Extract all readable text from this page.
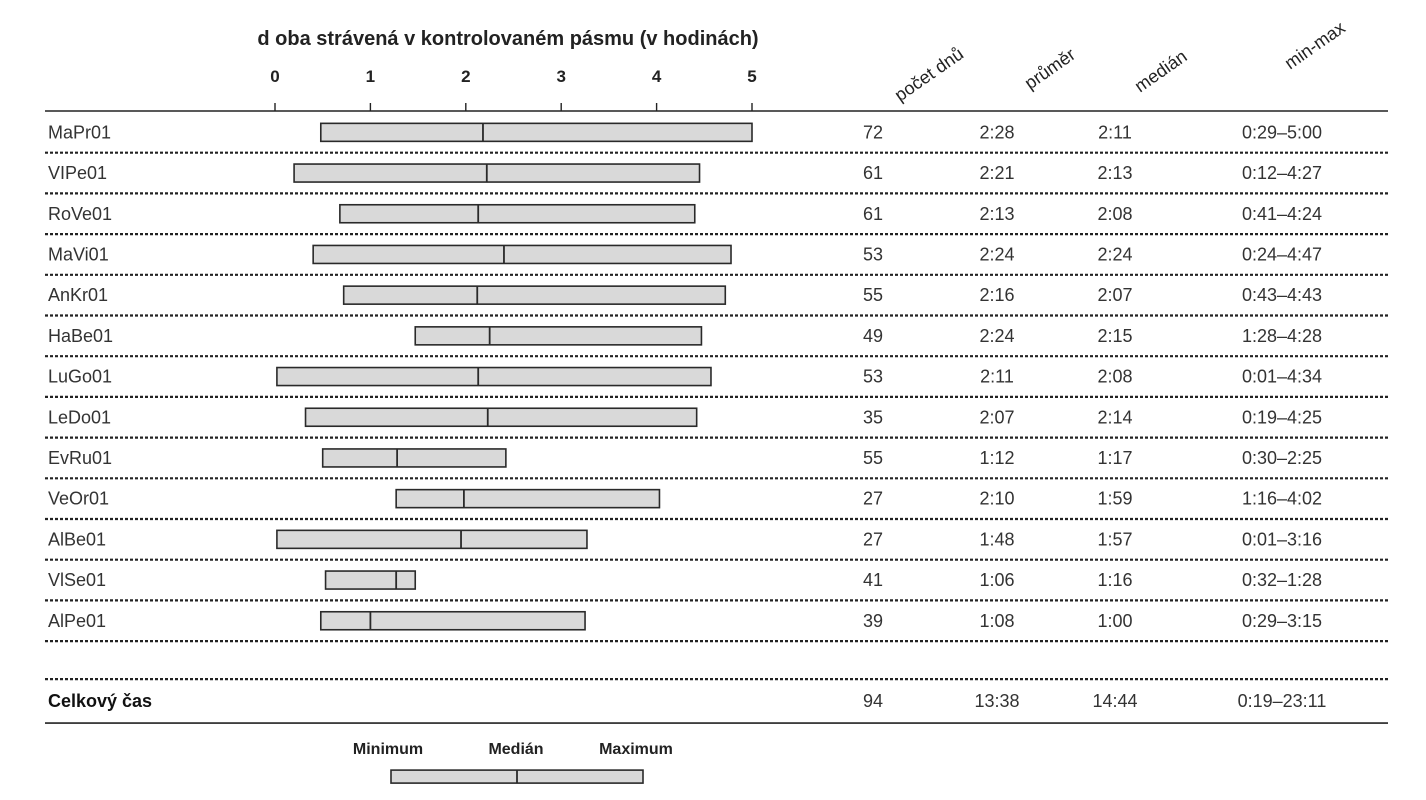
d oba strávená v kontrolovaném pásmu (v hodinách)
0	1	2	3	4	5	počet dnů	průměr	medián	min-max
MaPr01	72	2:28	2:11	0:29–5:00
VIPe01	61	2:21	2:13	0:12–4:27
RoVe01	61	2:13	2:08	0:41–4:24
MaVi01	53	2:24	2:24	0:24–4:47
AnKr01	55	2:16	2:07	0:43–4:43
HaBe01	49	2:24	2:15	1:28–4:28
LuGo01	53	2:11	2:08	0:01–4:34
LeDo01	35	2:07	2:14	0:19–4:25
EvRu01	55	1:12	1:17	0:30–2:25
VeOr01	27	2:10	1:59	1:16–4:02
AlBe01	27	1:48	1:57	0:01–3:16
VlSe01	41	1:06	1:16	0:32–1:28
AlPe01	39	1:08	1:00	0:29–3:15
Celkový čas	94	13:38	14:44	0:19–23:11
Minimum	Medián	Maximum
